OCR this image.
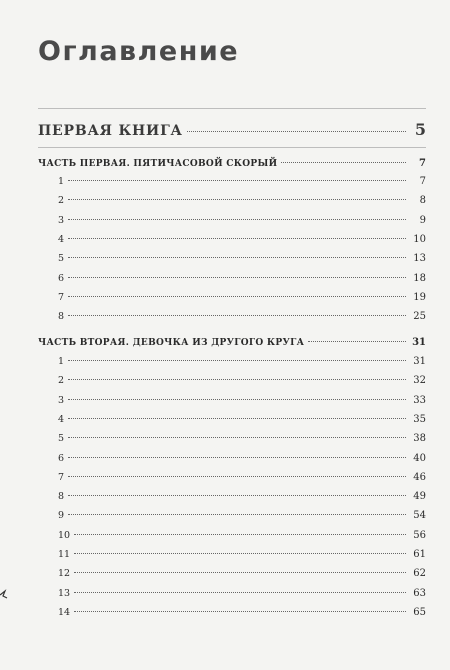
Оглавление
ПЕРВАЯ КНИГА	5
ЧАСТЬ ПЕРВАЯ. ПЯТИЧАСОВОЙ СКОРЫЙ	7
1	7
2	8
3	9
4	10
5	13
6	18
7	19
8	25
ЧАСТЬ ВТОРАЯ. ДЕВОЧКА ИЗ ДРУГОГО КРУГА	31
1	31
2	32
3	33
4	35
5	38
6	40
7	46
8	49
9	54
10	56
11	61
12	62
13	63
14	65
